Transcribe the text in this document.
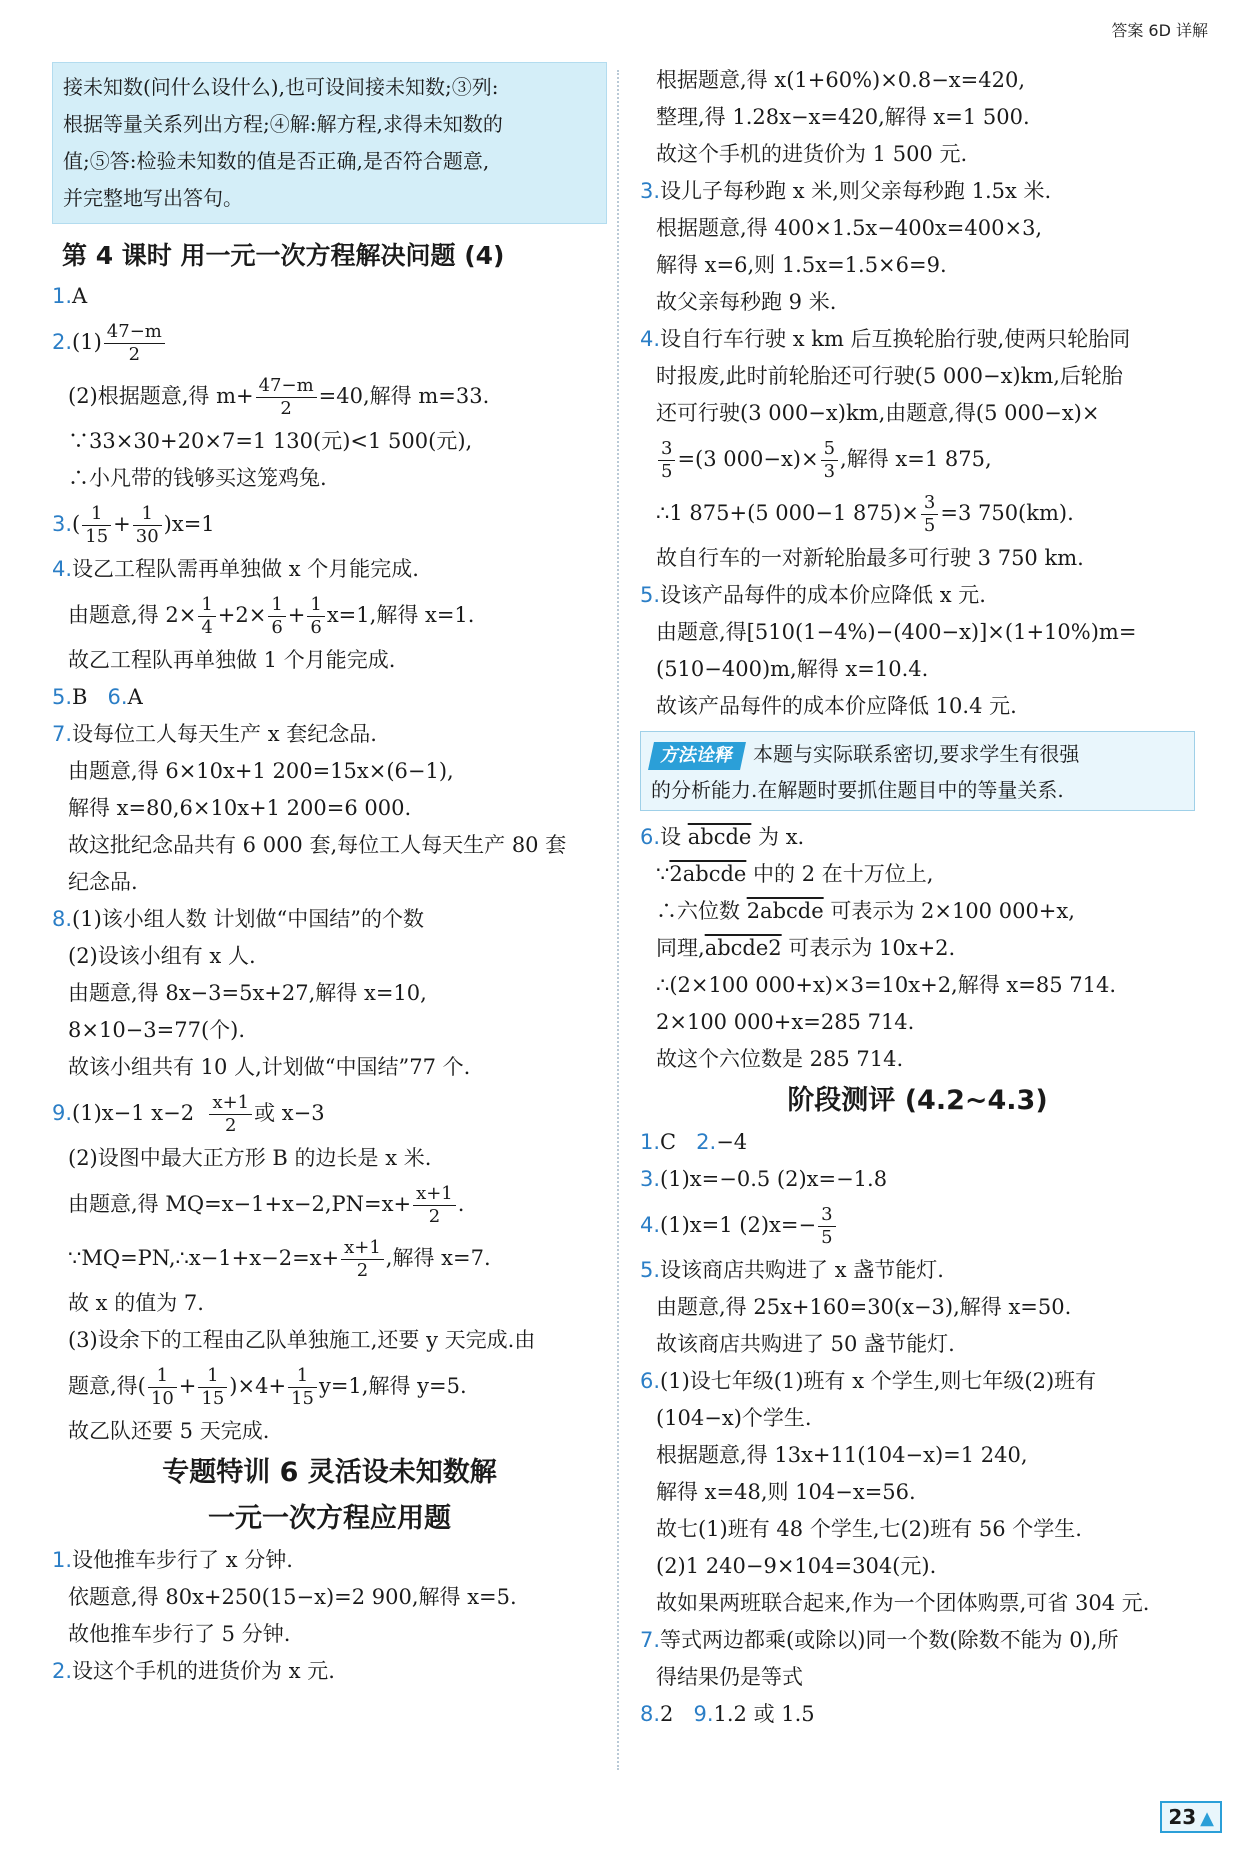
答案 6D 详解
接未知数(问什么设什么),也可设间接未知数;③列:
根据等量关系列出方程;④解:解方程,求得未知数的
值;⑤答:检验未知数的值是否正确,是否符合题意,
并完整地写出答句。
第 4 课时 用一元一次方程解决问题 (4)
1.A
$2.(1) \frac{47-m}{2}$
(2)根据题意,得 $m+ \frac{47-m}{2} =40$,解得 m=33.
∵33×30+20×7=1 130(元)<1 500(元),
∴小凡带的钱够买这笼鸡兔.
$3.( \frac{1}{15} + \frac{1}{30} )x=1$
4.设乙工程队需再单独做 x 个月能完成.
由题意,得 $2\times \frac{1}{4} +2\times \frac{1}{6} + \frac{1}{6} x=1$,解得 x=1.
故乙工程队再单独做 1 个月能完成.
5.B 6.A
7.设每位工人每天生产 x 套纪念品.
由题意,得 6×10x+1 200=15x×(6−1),
解得 x=80,6×10x+1 200=6 000.
故这批纪念品共有 6 000 套,每位工人每天生产 80 套
纪念品.
8.(1)该小组人数 计划做“中国结”的个数
(2)设该小组有 x 人.
由题意,得 8x−3=5x+27,解得 x=10,
8×10−3=77(个).
故该小组共有 10 人,计划做“中国结”77 个.
9.(1)x−1 $x-2 \frac{x+1}{2}$ 或 x−3
(2)设图中最大正方形 B 的边长是 x 米.
由题意,得 $MQ=x-1+x-2,PN=x+ \frac{x+1}{2}$ .
∵MQ=PN,∴x−1+x−2=x+ $\frac{x+1}{2}$ ,解得 x=7.
故 x 的值为 7.
(3)设余下的工程由乙队单独施工,还要 y 天完成.由
题意,得( $\frac{1}{10} + \frac{1}{15} )\times 4+ \frac{1}{15} y=1$,解得 y=5.
故乙队还要 5 天完成.
专题特训 6 灵活设未知数解
一元一次方程应用题
1.设他推车步行了 x 分钟.
依题意,得 80x+250(15−x)=2 900,解得 x=5.
故他推车步行了 5 分钟.
2.设这个手机的进货价为 x 元.
根据题意,得 x(1+60%)×0.8−x=420,
整理,得 1.28x−x=420,解得 x=1 500.
故这个手机的进货价为 1 500 元.
3.设儿子每秒跑 x 米,则父亲每秒跑 1.5x 米.
根据题意,得 400×1.5x−400x=400×3,
解得 x=6,则 1.5x=1.5×6=9.
故父亲每秒跑 9 米.
4.设自行车行驶 x km 后互换轮胎行驶,使两只轮胎同
时报废,此时前轮胎还可行驶(5 000−x)km,后轮胎
还可行驶(3 000−x)km,由题意,得(5 000−x)×
$\frac{3}{5} =(3$ $000-x)\times \frac{5}{3}$ ,解得 x=1 875,
∴1 875+(5 000−1 $875)\times \frac{3}{5} =3$ 750(km).
故自行车的一对新轮胎最多可行驶 3 750 km.
5.设该产品每件的成本价应降低 x 元.
由题意,得[510(1−4%)−(400−x)]×(1+10%)m=
(510−400)m,解得 x=10.4.
故该产品每件的成本价应降低 10.4 元.
方法诠释 本题与实际联系密切,要求学生有很强
的分析能力.在解题时要抓住题目中的等量关系.
6.设 abcde 为 x.
∵2abcde 中的 2 在十万位上,
∴六位数 2abcde 可表示为 2×100 000+x,
同理,abcde2 可表示为 10x+2.
∴(2×100 000+x)×3=10x+2,解得 x=85 714.
2×100 000+x=285 714.
故这个六位数是 285 714.
阶段测评 (4.2~4.3)
1.C 2.−4
3.(1)x=−0.5 (2)x=−1.8
4.(1)x=1 $(2)x=- \frac{3}{5}$
5.设该商店共购进了 x 盏节能灯.
由题意,得 25x+160=30(x−3),解得 x=50.
故该商店共购进了 50 盏节能灯.
6.(1)设七年级(1)班有 x 个学生,则七年级(2)班有
(104−x)个学生.
根据题意,得 13x+11(104−x)=1 240,
解得 x=48,则 104−x=56.
故七(1)班有 48 个学生,七(2)班有 56 个学生.
(2)1 240−9×104=304(元).
故如果两班联合起来,作为一个团体购票,可省 304 元.
7.等式两边都乘(或除以)同一个数(除数不能为 0),所
得结果仍是等式
8.2 9.1.2 或 1.5
23 ▲
